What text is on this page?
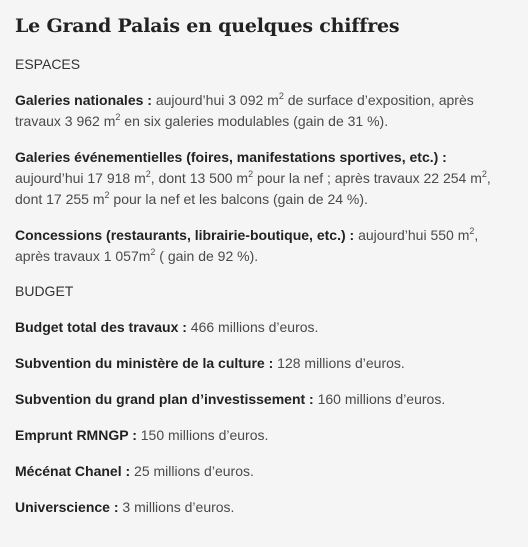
Le Grand Palais en quelques chiffres
ESPACES

Galeries nationales : aujourd’hui 3 092 $m^2$ de surface d’exposition, après travaux 3 962 $m^2$ en six galeries modulables (gain de 31 %).

Galeries événementielles (foires, manifestations sportives, etc.) : aujourd’hui 17 918 $m^2$, dont 13 500 $m^2$ pour la nef ; après travaux 22 254 $m^2$, dont 17 255 $m^2$ pour la nef et les balcons (gain de 24 %).

Concessions (restaurants, librairie-boutique, etc.) : aujourd’hui 550 $m^2$, après travaux 1 $057m^2$ ( gain de 92 %).

BUDGET

Budget total des travaux : 466 millions d’euros.

Subvention du ministère de la culture : 128 millions d’euros.

Subvention du grand plan d’investissement : 160 millions d’euros.

Emprunt RMNGP : 150 millions d’euros.

Mécénat Chanel : 25 millions d’euros.

Universcience : 3 millions d’euros.
